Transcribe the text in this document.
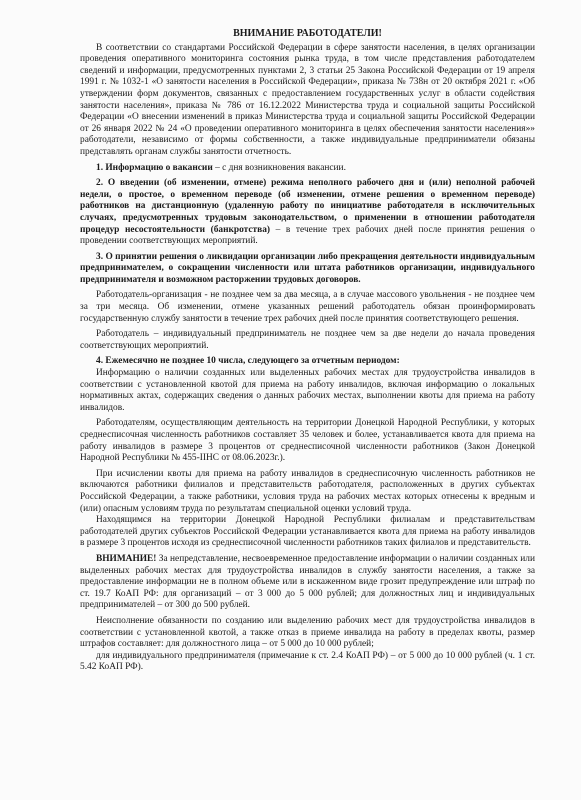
ВНИМАНИЕ РАБОТОДАТЕЛИ!

В соответствии со стандартами Российской Федерации в сфере занятости населения, в целях организации проведения оперативного мониторинга состояния рынка труда, в том числе представления работодателем сведений и информации, предусмотренных пунктами 2, 3 статьи 25 Закона Российской Федерации от 19 апреля 1991 г. № 1032-1 «О занятости населения в Российской Федерации», приказа № 738н от 20 октября 2021 г. «Об утверждении форм документов, связанных с предоставлением государственных услуг в области содействия занятости населения», приказа № 786 от 16.12.2022 Министерства труда и социальной защиты Российской Федерации «О внесении изменений в приказ Министерства труда и социальной защиты Российской Федерации от 26 января 2022 № 24 «О проведении оперативного мониторинга в целях обеспечения занятости населения»» работодатели, независимо от формы собственности, а также индивидуальные предприниматели обязаны представлять органам службы занятости отчетность.

1. Информацию о вакансии – с дня возникновения вакансии.

2. О введении (об изменении, отмене) режима неполного рабочего дня и (или) неполной рабочей недели, о простое, о временном переводе (об изменении, отмене решения о временном переводе) работников на дистанционную (удаленную работу по инициативе работодателя в исключительных случаях, предусмотренных трудовым законодательством, о применении в отношении работодателя процедур несостоятельности (банкротства) – в течение трех рабочих дней после принятия решения о проведении соответствующих мероприятий.

3. О принятии решения о ликвидации организации либо прекращения деятельности индивидуальным предпринимателем, о сокращении численности или штата работников организации, индивидуального предпринимателя и возможном расторжении трудовых договоров.

Работодатель-организация - не позднее чем за два месяца, а в случае массового увольнения - не позднее чем за три месяца. Об изменении, отмене указанных решений работодатель обязан проинформировать государственную службу занятости в течение трех рабочих дней после принятия соответствующего решения.

Работодатель – индивидуальный предприниматель не позднее чем за две недели до начала проведения соответствующих мероприятий.

4. Ежемесячно не позднее 10 числа, следующего за отчетным периодом:

Информацию о наличии созданных или выделенных рабочих местах для трудоустройства инвалидов в соответствии с установленной квотой для приема на работу инвалидов, включая информацию о локальных нормативных актах, содержащих сведения о данных рабочих местах, выполнении квоты для приема на работу инвалидов.

Работодателям, осуществляющим деятельность на территории Донецкой Народной Республики, у которых среднесписочная численность работников составляет 35 человек и более, устанавливается квота для приема на работу инвалидов в размере 3 процентов от среднесписочной численности работников (Закон Донецкой Народной Республики № 455-IIНС от 08.06.2023г.).

При исчислении квоты для приема на работу инвалидов в среднесписочную численность работников не включаются работники филиалов и представительств работодателя, расположенных в других субъектах Российской Федерации, а также работники, условия труда на рабочих местах которых отнесены к вредным и (или) опасным условиям труда по результатам специальной оценки условий труда.

Находящимся на территории Донецкой Народной Республики филиалам и представительствам работодателей других субъектов Российской Федерации устанавливается квота для приема на работу инвалидов в размере 3 процентов исходя из среднесписочной численности работников таких филиалов и представительств.

ВНИМАНИЕ! За непредставление, несвоевременное предоставление информации о наличии созданных или выделенных рабочих местах для трудоустройства инвалидов в службу занятости населения, а также за предоставление информации не в полном объеме или в искаженном виде грозит предупреждение или штраф по ст. 19.7 КоАП РФ: для организаций – от 3 000 до 5 000 рублей; для должностных лиц и индивидуальных предпринимателей – от 300 до 500 рублей.

Неисполнение обязанности по созданию или выделению рабочих мест для трудоустройства инвалидов в соответствии с установленной квотой, а также отказ в приеме инвалида на работу в пределах квоты, размер штрафов составляет: для должностного лица – от 5 000 до 10 000 рублей;

для индивидуального предпринимателя (примечание к ст. 2.4 КоАП РФ) – от 5 000 до 10 000 рублей (ч. 1 ст. 5.42 КоАП РФ).
